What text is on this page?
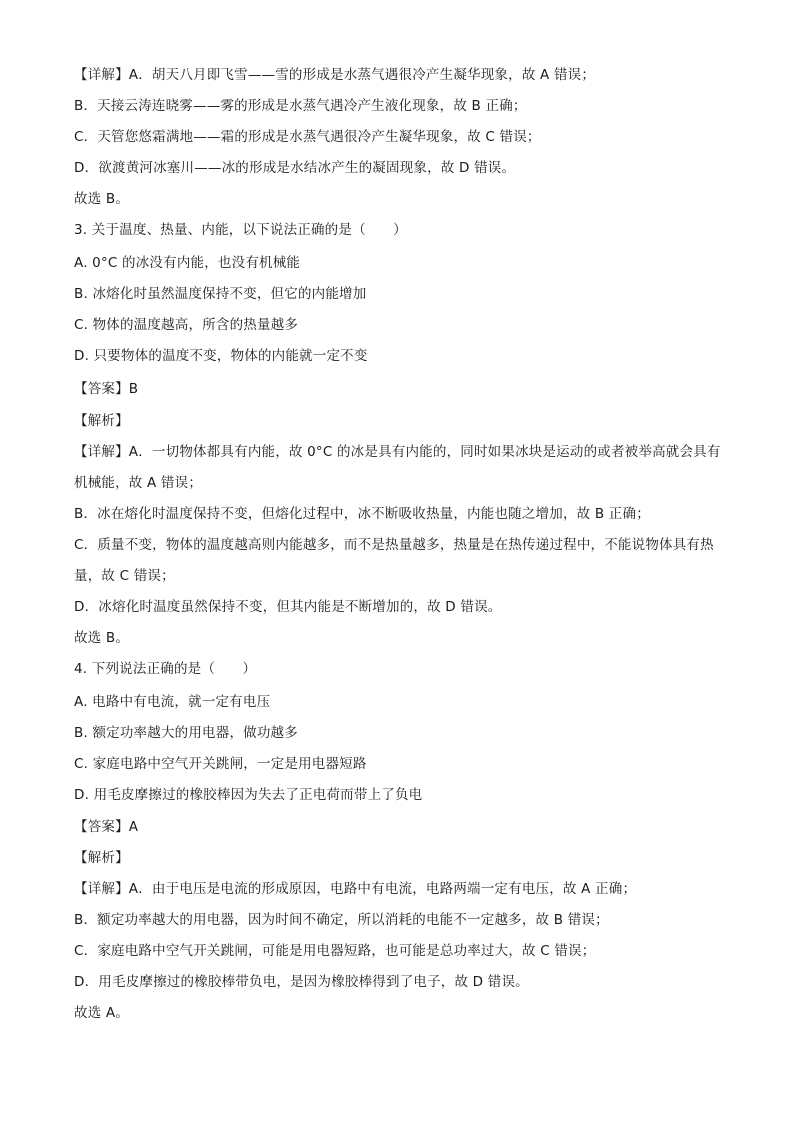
【详解】A．胡天八月即飞雪——雪的形成是水蒸气遇很冷产生凝华现象，故 A 错误；
B．天接云涛连晓雾——雾的形成是水蒸气遇冷产生液化现象，故 B 正确；
C．天管您悠霜满地——霜的形成是水蒸气遇很冷产生凝华现象，故 C 错误；
D．欲渡黄河冰塞川——冰的形成是水结冰产生的凝固现象，故 D 错误。
故选 B。
3. 关于温度、热量、内能，以下说法正确的是（　　）
A. 0°C 的冰没有内能，也没有机械能
B. 冰熔化时虽然温度保持不变，但它的内能增加
C. 物体的温度越高，所含的热量越多
D. 只要物体的温度不变，物体的内能就一定不变
【答案】B
【解析】
【详解】A．一切物体都具有内能，故 0°C 的冰是具有内能的，同时如果冰块是运动的或者被举高就会具有机械能，故 A 错误；
B．冰在熔化时温度保持不变，但熔化过程中，冰不断吸收热量，内能也随之增加，故 B 正确；
C．质量不变，物体的温度越高则内能越多，而不是热量越多，热量是在热传递过程中，不能说物体具有热量，故 C 错误；
D．冰熔化时温度虽然保持不变，但其内能是不断增加的，故 D 错误。
故选 B。
4. 下列说法正确的是（　　）
A. 电路中有电流，就一定有电压
B. 额定功率越大的用电器，做功越多
C. 家庭电路中空气开关跳闸，一定是用电器短路
D. 用毛皮摩擦过的橡胶棒因为失去了正电荷而带上了负电
【答案】A
【解析】
【详解】A．由于电压是电流的形成原因，电路中有电流，电路两端一定有电压，故 A 正确；
B．额定功率越大的用电器，因为时间不确定，所以消耗的电能不一定越多，故 B 错误；
C．家庭电路中空气开关跳闸，可能是用电器短路，也可能是总功率过大，故 C 错误；
D．用毛皮摩擦过的橡胶棒带负电，是因为橡胶棒得到了电子，故 D 错误。
故选 A。
